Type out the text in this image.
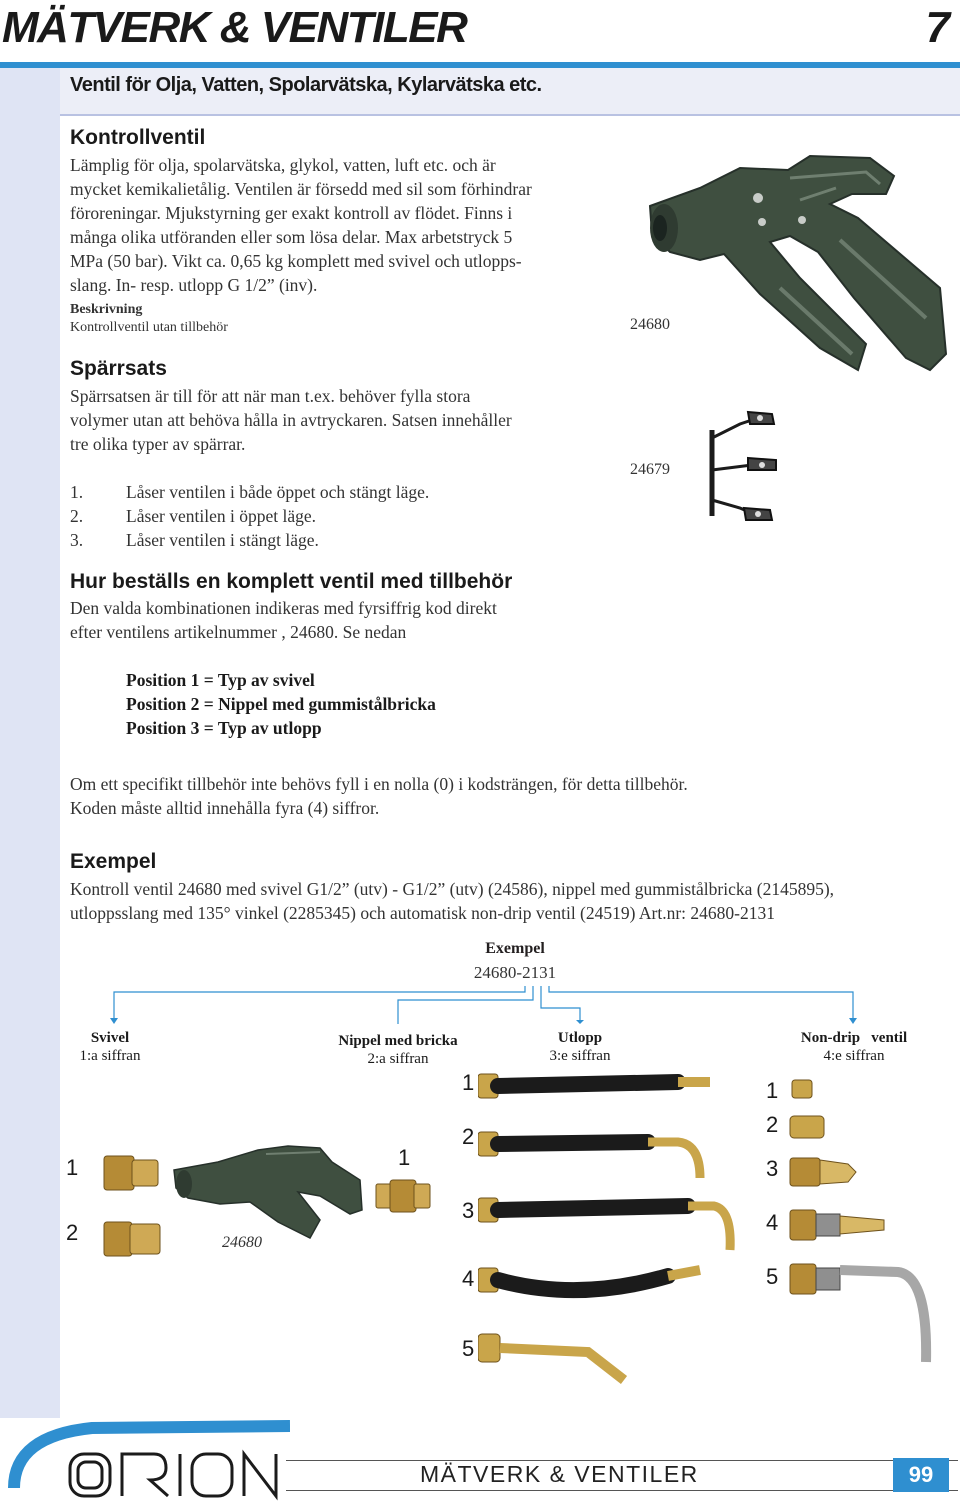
MÄTVERK & VENTILER	7
Ventil för Olja, Vatten, Spolarvätska, Kylarvätska etc.
Kontrollventil
Lämplig för olja, spolarvätska, glykol, vatten, luft etc. och är
mycket kemikalietålig. Ventilen är försedd med sil som förhindrar
föroreningar. Mjukstyrning ger exakt kontroll av flödet. Finns i
många olika utföranden eller som lösa delar. Max arbetstryck 5
MPa (50 bar). Vikt ca. 0,65 kg komplett med svivel och utlopps-
slang. In- resp. utlopp G 1/2” (inv).
Beskrivning
Kontrollventil utan tillbehör	24680
Spärrsats
Spärrsatsen är till för att när man t.ex. behöver fylla stora
volymer utan att behöva hålla in avtryckaren. Satsen innehåller
tre olika typer av spärrar.
24679
1. Låser ventilen i både öppet och stängt läge.
2. Låser ventilen i öppet läge.
3. Låser ventilen i stängt läge.
Hur beställs en komplett ventil med tillbehör
Den valda kombinationen indikeras med fyrsiffrig kod direkt
efter ventilens artikelnummer , 24680. Se nedan
Position 1 = Typ av svivel
Position 2 = Nippel med gummistålbricka
Position 3 = Typ av utlopp
Om ett specifikt tillbehör inte behövs fyll i en nolla (0) i kodsträngen, för detta tillbehör.
Koden måste alltid innehålla fyra (4) siffror.
Exempel
Kontroll ventil 24680 med svivel G1/2” (utv) - G1/2” (utv) (24586), nippel med gummistålbricka (2145895),
utloppsslang med 135° vinkel (2285345) och automatisk non-drip ventil (24519) Art.nr: 24680-2131
Exempel
24680-2131
Svivel
1:a siffran
Nippel med bricka
2:a siffran
Utlopp
3:e siffran
Non-drip   ventil
4:e siffran
1
2	24680
1
1
2
3
4
5
1
2
3
4
5
MÄTVERK & VENTILER	99
